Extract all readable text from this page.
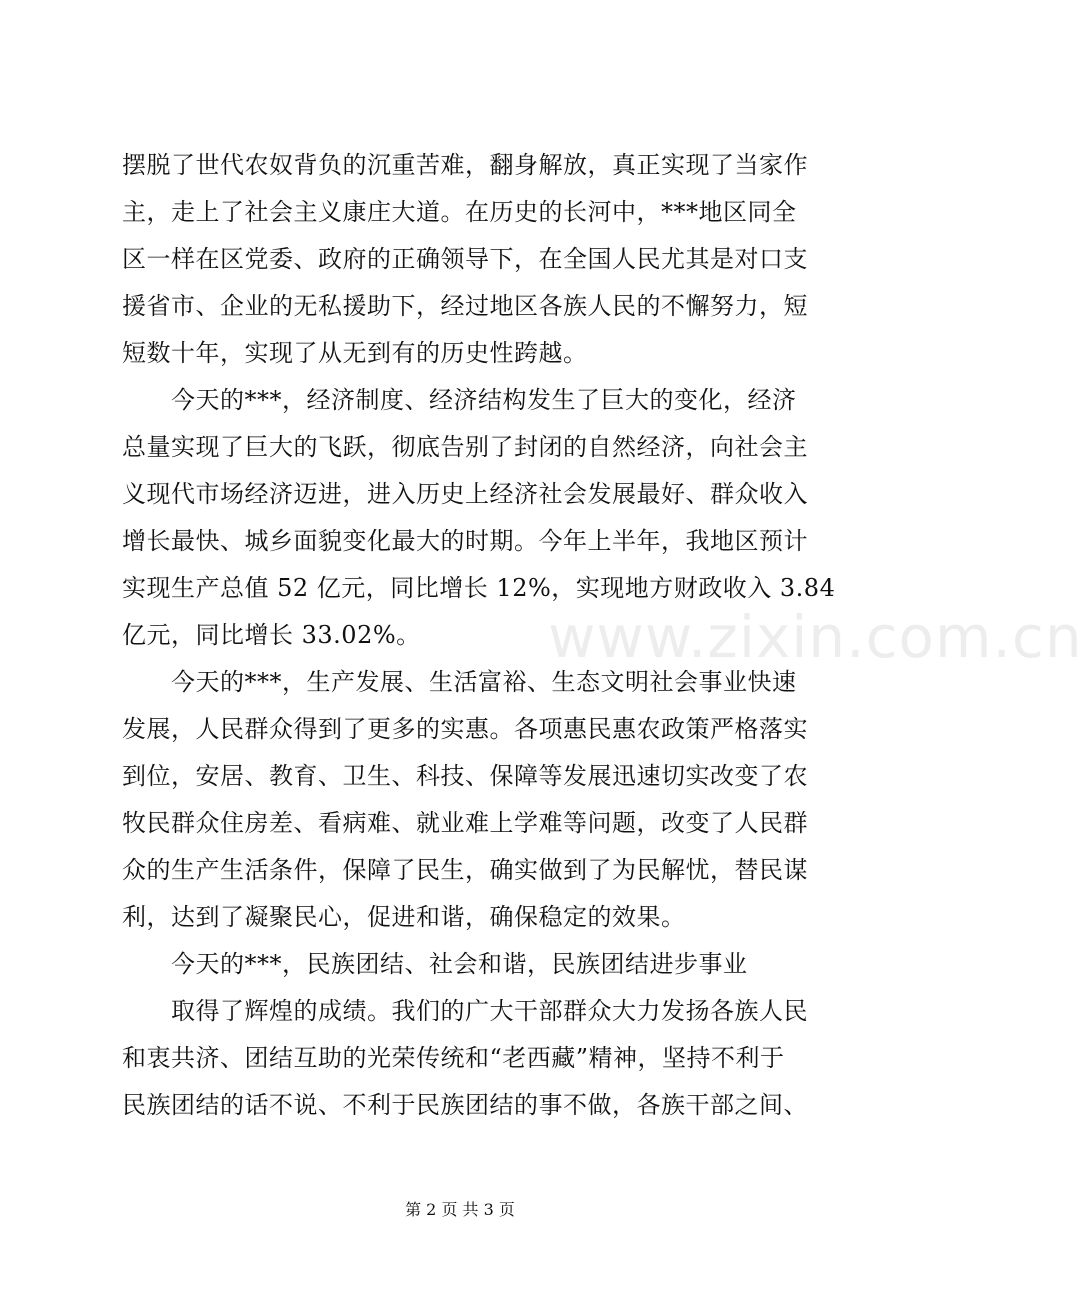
摆脱了世代农奴背负的沉重苦难，翻身解放，真正实现了当家作
主，走上了社会主义康庄大道。在历史的长河中，***地区同全
区一样在区党委、政府的正确领导下，在全国人民尤其是对口支
援省市、企业的无私援助下，经过地区各族人民的不懈努力，短
短数十年，实现了从无到有的历史性跨越。
今天的***，经济制度、经济结构发生了巨大的变化，经济
总量实现了巨大的飞跃，彻底告别了封闭的自然经济，向社会主
义现代市场经济迈进，进入历史上经济社会发展最好、群众收入
增长最快、城乡面貌变化最大的时期。今年上半年，我地区预计
实现生产总值 52 亿元，同比增长 12%，实现地方财政收入 3.84
亿元，同比增长 33.02%。
今天的***，生产发展、生活富裕、生态文明社会事业快速
发展，人民群众得到了更多的实惠。各项惠民惠农政策严格落实
到位，安居、教育、卫生、科技、保障等发展迅速切实改变了农
牧民群众住房差、看病难、就业难上学难等问题，改变了人民群
众的生产生活条件，保障了民生，确实做到了为民解忧，替民谋
利，达到了凝聚民心，促进和谐，确保稳定的效果。
今天的***，民族团结、社会和谐，民族团结进步事业
取得了辉煌的成绩。我们的广大干部群众大力发扬各族人民
和衷共济、团结互助的光荣传统和“老西藏”精神，坚持不利于
民族团结的话不说、不利于民族团结的事不做，各族干部之间、
www.zixin.com.cn
第 2 页 共 3 页
